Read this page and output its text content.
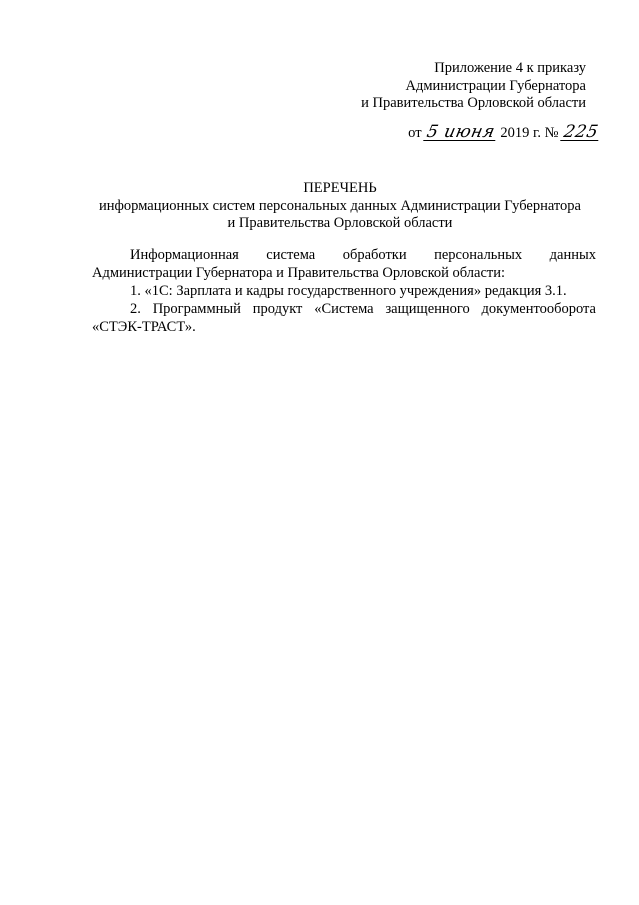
Приложение 4 к приказу
Администрации Губернатора
и Правительства Орловской области
от 5 июня 2019 г. № 225
ПЕРЕЧЕНЬ
информационных систем персональных данных Администрации Губернатора
и Правительства Орловской области

Информационная система обработки персональных данных Администрации Губернатора и Правительства Орловской области:

1. «1С: Зарплата и кадры государственного учреждения» редакция 3.1.

2. Программный продукт «Система защищенного документооборота «СТЭК-ТРАСТ».
